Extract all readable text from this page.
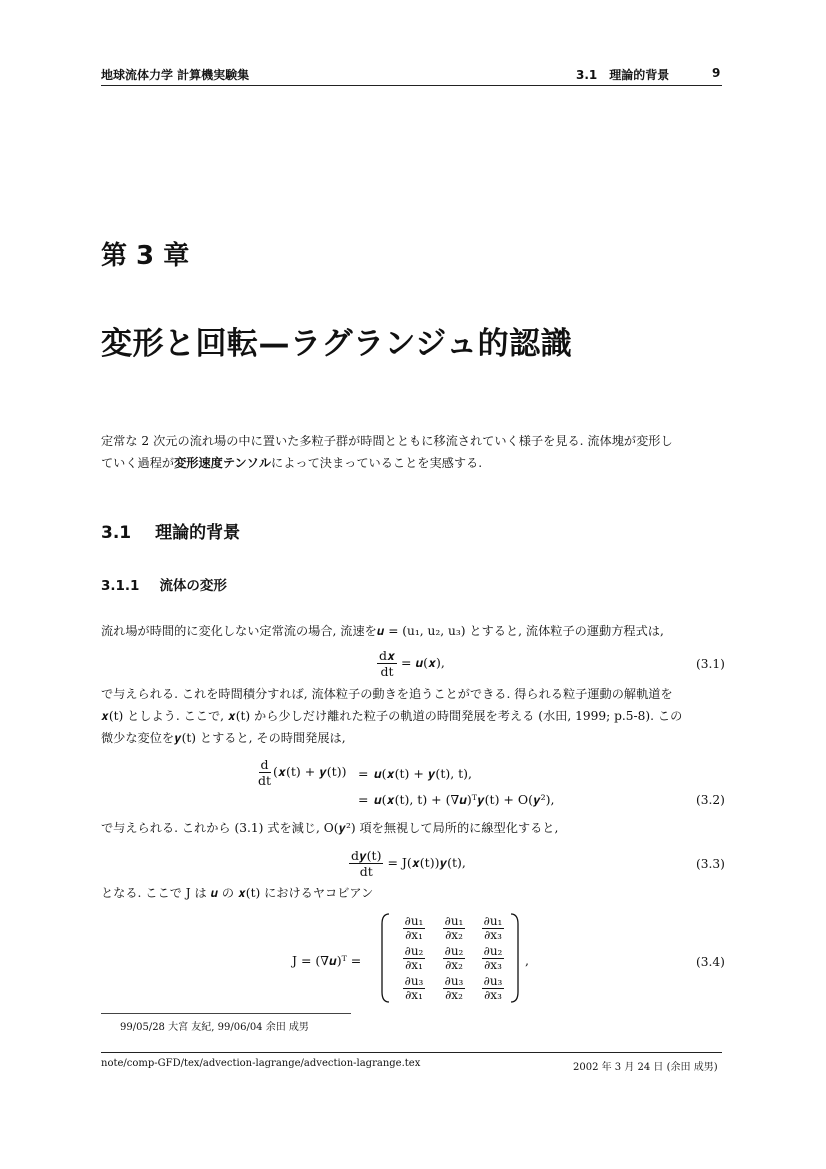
地球流体力学 計算機実験集	3.1　理論的背景	9
第 3 章
変形と回転—ラグランジュ的認識
定常な 2 次元の流れ場の中に置いた多粒子群が時間とともに移流されていく様子を見る. 流体塊が変形し
ていく過程が変形速度テンソルによって決まっていることを実感する.
3.1 理論的背景
3.1.1 流体の変形
流れ場が時間的に変化しない定常流の場合, 流速を𝒖 = (u₁, u₂, u₃) とすると, 流体粒子の運動方程式は,
$\frac{\text{d𝒙}}{dt}$ = 𝒖(𝒙),	(3.1)
で与えられる. これを時間積分すれば, 流体粒子の動きを追うことができる. 得られる粒子運動の解軌道を
𝒙(t) としよう. ここで, 𝒙(t) から少しだけ離れた粒子の軌道の時間発展を考える (水田, 1999; p.5-8). この
微少な変位を𝒚(t) とすると, その時間発展は,
$\frac{d}{dt}$ (𝒙(t) + 𝒚(t)) = 𝒖(𝒙(t) + 𝒚(t), t),
= 𝒖(𝒙(t), t) + (∇𝒖)ᵀ𝒚(t) + O(𝒚²),	(3.2)
で与えられる. これから (3.1) 式を減じ, O(𝒚²) 項を無視して局所的に線型化すると,
$\frac{\text{d𝒚(t)}}{dt}$ = J(𝒙(t))𝒚(t),	(3.3)
となる. ここで J は 𝒖 の 𝒙(t) におけるヤコビアン
J = (∇𝒖)ᵀ =
$\frac{\text{∂u₁}}{\text{∂x₁}} \frac{\text{∂u₁}}{\text{∂x₂}} \frac{\text{∂u₁}}{\text{∂x₃}}$
$\frac{\text{∂u₂}}{\text{∂x₁}} \frac{\text{∂u₂}}{\text{∂x₂}} \frac{\text{∂u₂}}{\text{∂x₃}}$
$\frac{\text{∂u₃}}{\text{∂x₁}} \frac{\text{∂u₃}}{\text{∂x₂}} \frac{\text{∂u₃}}{\text{∂x₃}}$
,	(3.4)
99/05/28 大宮 友紀, 99/06/04 余田 成男
note/comp-GFD/tex/advection-lagrange/advection-lagrange.tex	2002 年 3 月 24 日 (余田 成男)
